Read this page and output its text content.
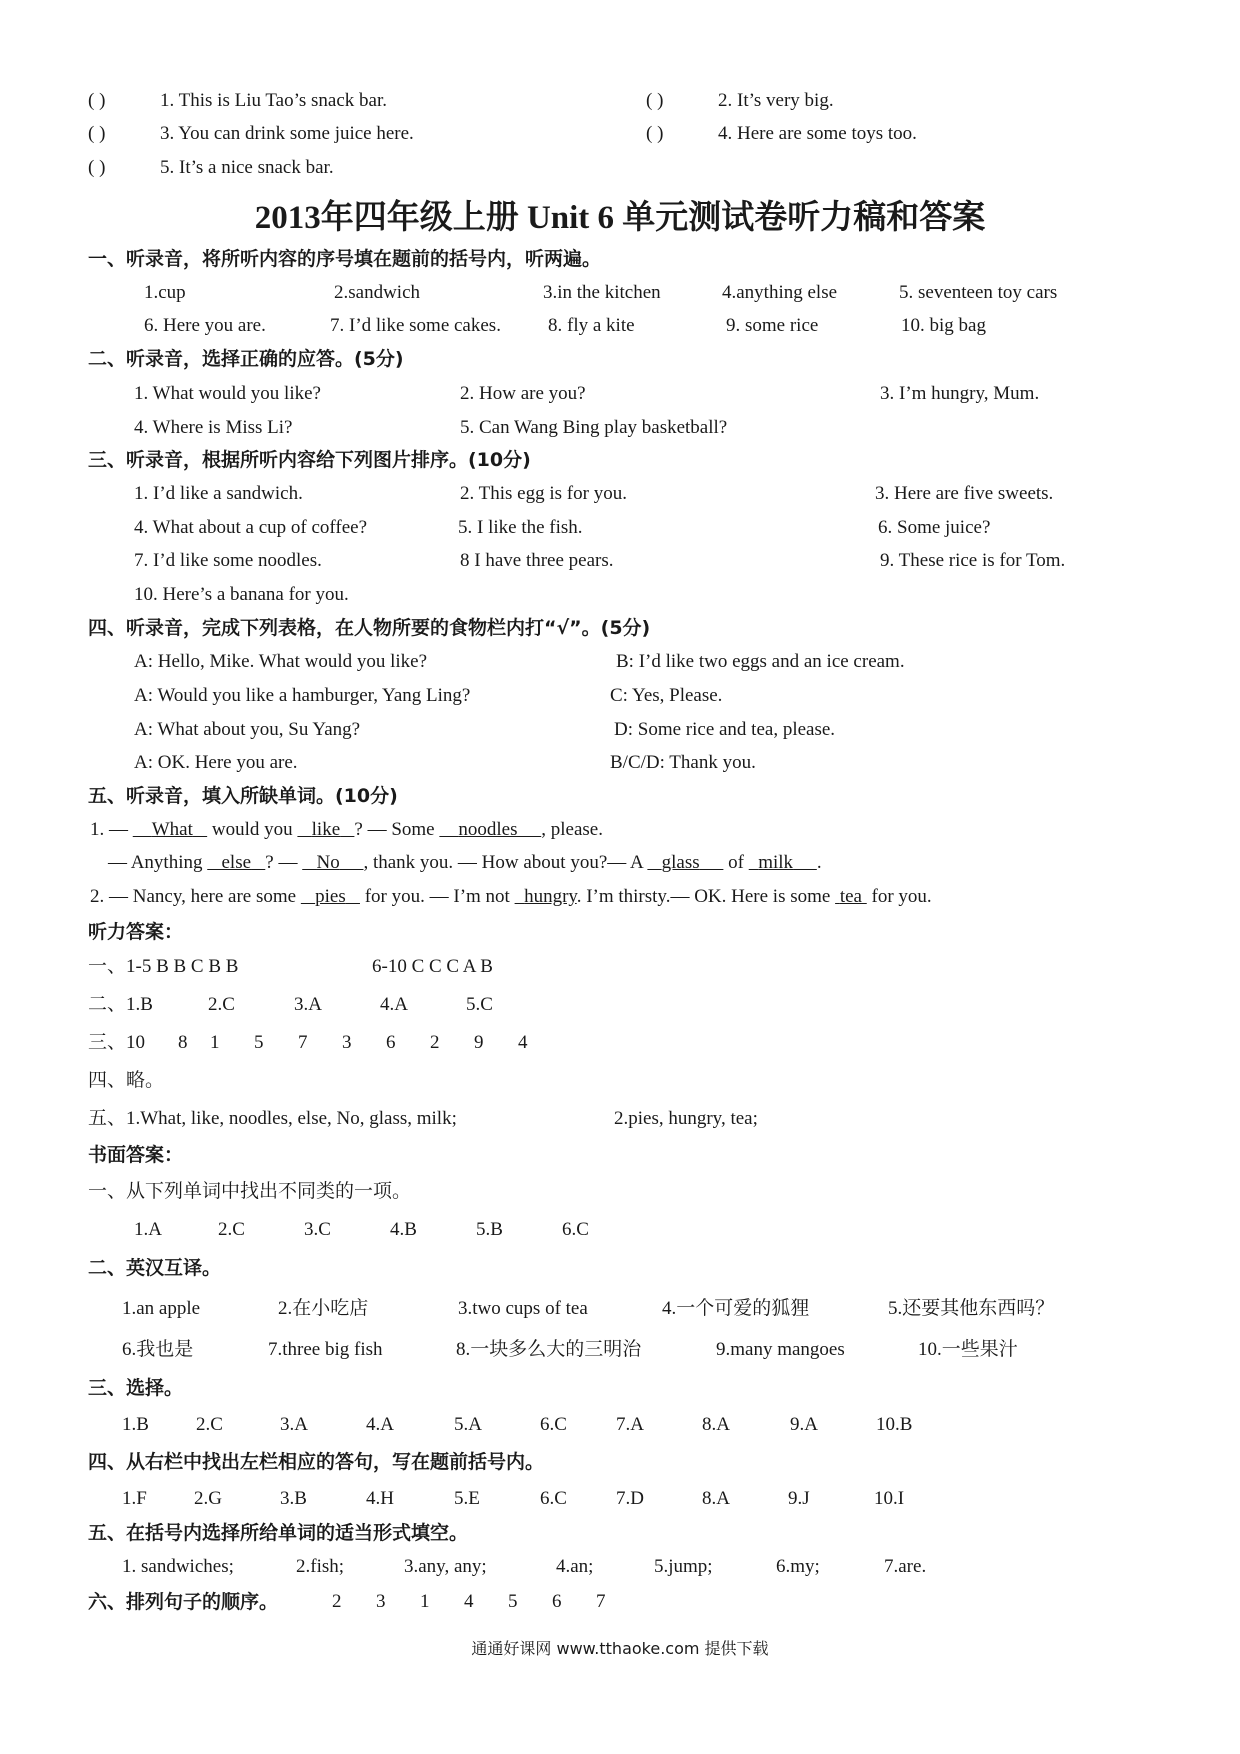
( )	1. This is Liu Tao’s snack bar.	( )	2. It’s very big.
( )	3. You can drink some juice here.	( )	4. Here are some toys too.
( )	5. It’s a nice snack bar.
2013年四年级上册 Unit 6 单元测试卷听力稿和答案
一、听录音，将所听内容的序号填在题前的括号内，听两遍。
1.cup	2.sandwich	3.in the kitchen	4.anything else	5. seventeen toy cars
6. Here you are.	7. I’d like some cakes. 8. fly a kite	9. some rice	10. big bag
二、听录音，选择正确的应答。(5分)
1. What would you like?	2. How are you?	3. I’m hungry, Mum.
4. Where is Miss Li?	5. Can Wang Bing play basketball?
三、听录音，根据所听内容给下列图片排序。(10分)
1. I’d like a sandwich.	2. This egg is for you.	3. Here are five sweets.
4. What about a cup of coffee?	5. I like the fish.	6. Some juice?
7. I’d like some noodles.	8 I have three pears.	9. These rice is for Tom.
10. Here’s a banana for you.
四、听录音，完成下列表格，在人物所要的食物栏内打“√”。(5分)
A: Hello, Mike. What would you like?	B: I’d like two eggs and an ice cream.
A: Would you like a hamburger, Yang Ling?	C: Yes, Please.
A: What about you, Su Yang?	D: Some rice and tea, please.
A: OK. Here you are.	B/C/D: Thank you.
五、听录音，填入所缺单词。(10分)
1. —     What    would you    like ? — Some     noodles , please.
— Anything    else ? —    No , thank you. — How about you?— A    glass      of   milk .
2. — Nancy, here are some    pies    for you. — I’m not   hungry. I’m thirsty.— OK. Here is some  tea  for you.
听力答案：
一、1-5 B B C B B	6-10 C C C A B
二、1.B	2.C	3.A	4.A	5.C
三、10 8 1 5 7 3 6 2 9 4
四、略。
五、1.What, like, noodles, else, No, glass, milk;	2.pies, hungry, tea;
书面答案：
一、从下列单词中找出不同类的一项。
1.A	2.C	3.C	4.B	5.B	6.C
二、英汉互译。
1.an apple	2.在小吃店	3.two cups of tea	4.一个可爱的狐狸	5.还要其他东西吗？
6.我也是	7.three big fish	8.一块多么大的三明治	9.many mangoes	10.一些果汁
三、选择。
1.B 2.C	3.A	4.A	5.A	6.C	7.A	8.A	9.A	10.B
四、从右栏中找出左栏相应的答句，写在题前括号内。
1.F 2.G	3.B	4.H	5.E	6.C	7.D	8.A	9.J	10.I
五、在括号内选择所给单词的适当形式填空。
1. sandwiches;	2.fish;	3.any, any;	4.an;	5.jump;	6.my;	7.are.
六、排列句子的顺序。	2 3 1 4 5 6 7
通通好课网 www.tthaoke.com 提供下载
